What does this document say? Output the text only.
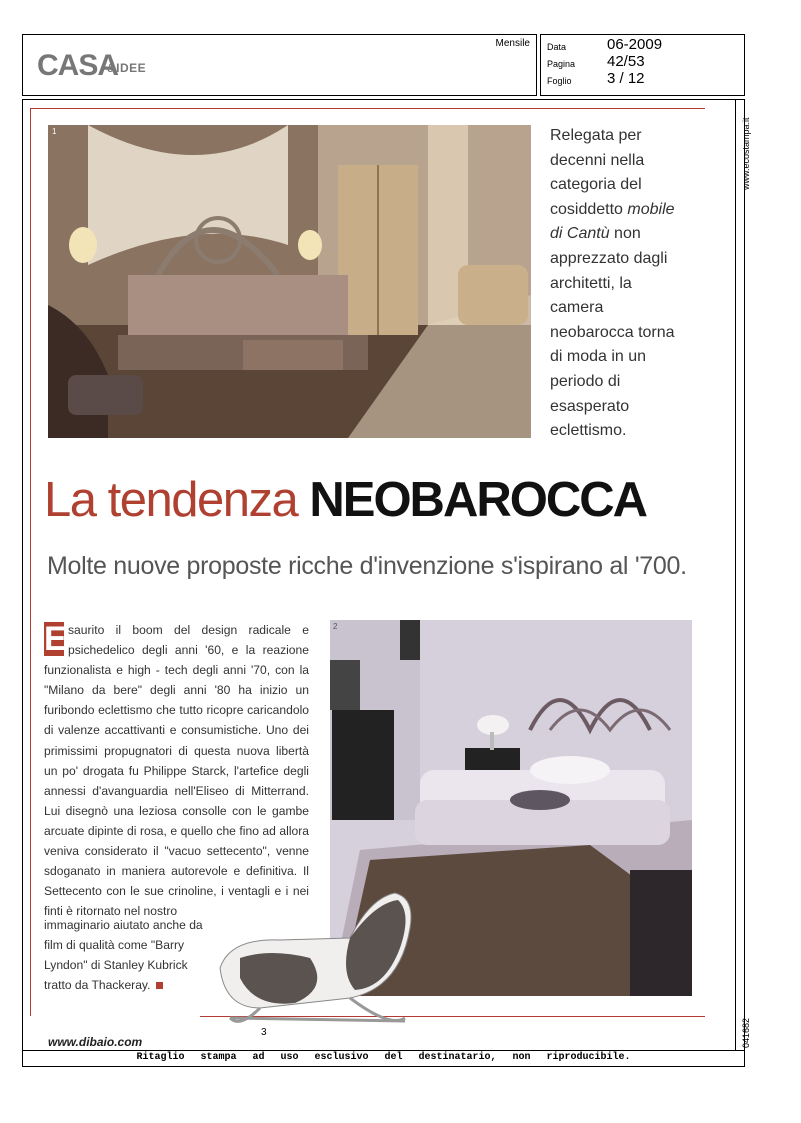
CASA
&IDEE
Mensile Data	06-2009
Pagina 42/53
Foglio 3 / 12
www.ecostampa.it
041682
1	Relegata per decenni nella categoria del cosiddetto mobile di Cantù non apprezzato dagli architetti, la camera neobarocca torna di moda in un periodo di esasperato eclettismo.
La tendenza NEOBAROCCA
Molte nuove proposte ricche d'invenzione s'ispirano al '700.
E saurito il boom del design radicale e psichedelico degli anni '60, e la reazione funzionalista e high - tech degli anni '70, con la "Milano da bere" degli anni '80 ha inizio un furibondo eclettismo che tutto ricopre caricandolo di valenze accattivanti e consumistiche. Uno dei primissimi propugnatori di questa nuova libertà un po' drogata fu Philippe Starck, l'artefice degli annessi d'avanguardia nell'Eliseo di Mitterrand. Lui disegnò una leziosa consolle con le gambe arcuate dipinte di rosa, e quello che fino ad allora veniva considerato il "vacuo settecento", venne sdoganato in maniera autorevole e definitiva. Il Settecento con le sue crinoline, i ventagli e i nei finti è ritornato nel nostro
immaginario aiutato anche da film di qualità come "Barry Lyndon" di Stanley Kubrick tratto da Thackeray.
2
www.dibaio.com
3
Ritaglio stampa ad uso esclusivo del destinatario, non riproducibile.
